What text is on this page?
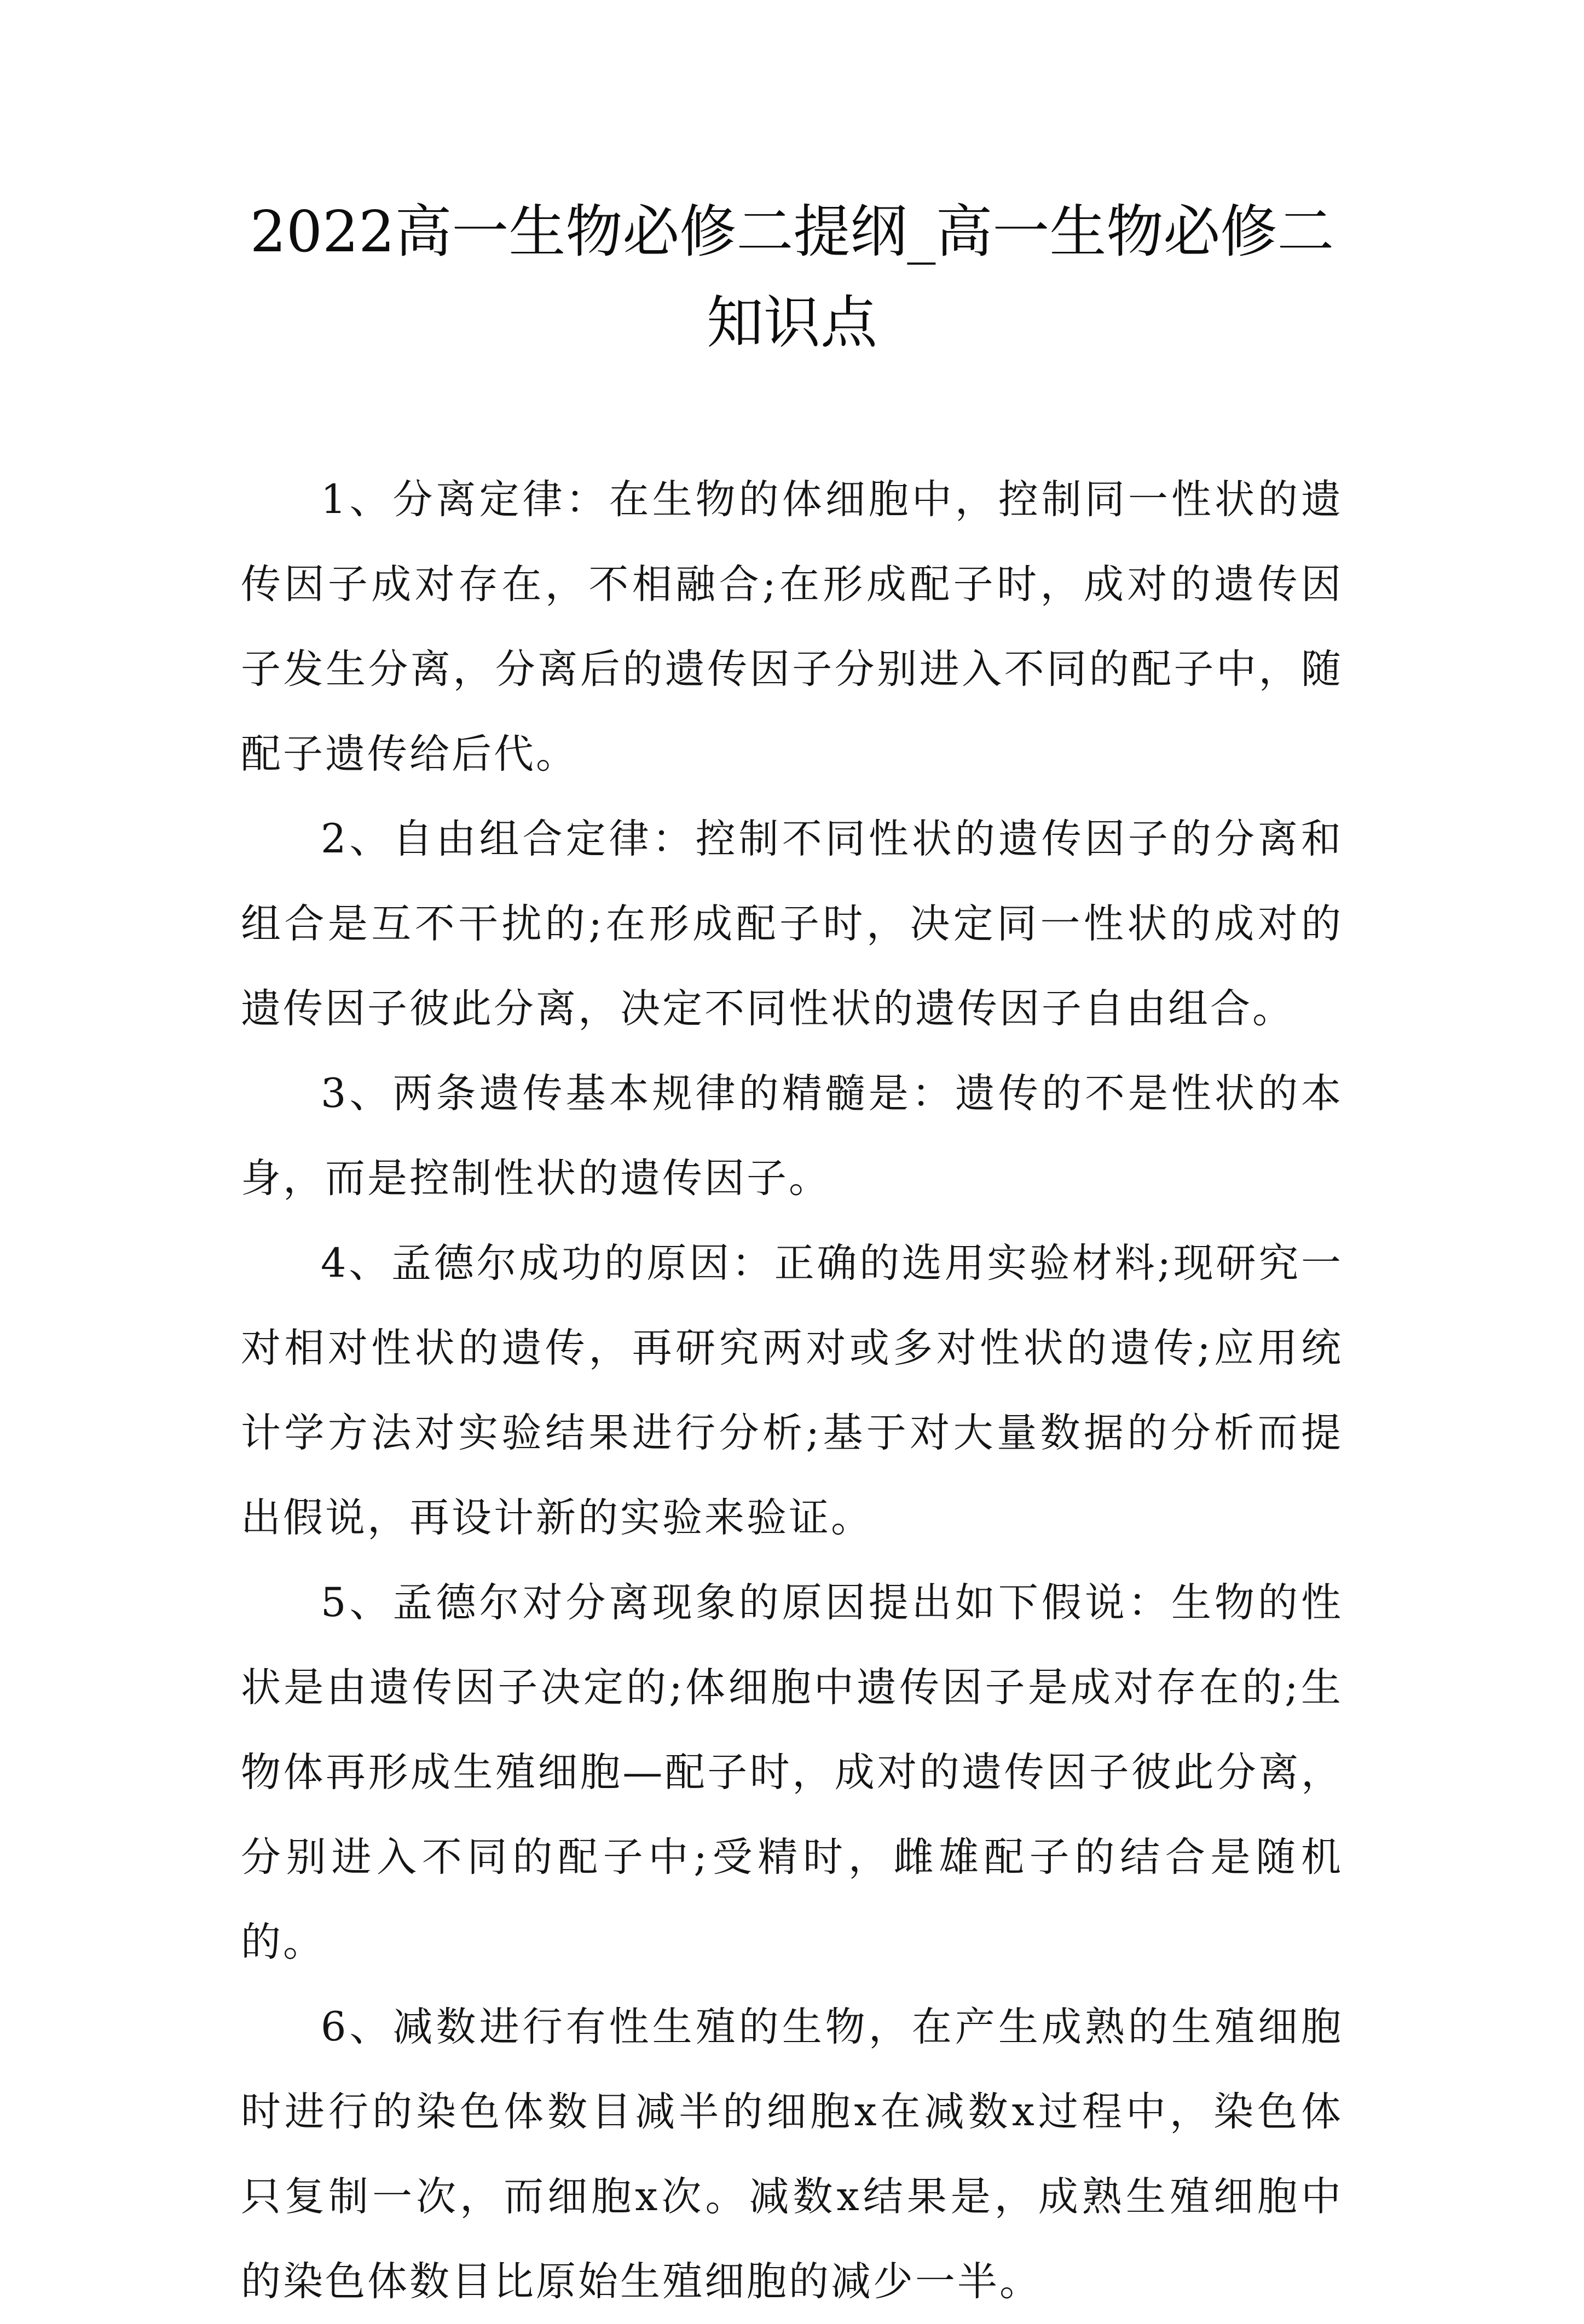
2022高一生物必修二提纲_高一生物必修二知识点

1、分离定律：在生物的体细胞中，控制同一性状的遗传因子成对存在，不相融合;在形成配子时，成对的遗传因子发生分离，分离后的遗传因子分别进入不同的配子中，随配子遗传给后代。

2、自由组合定律：控制不同性状的遗传因子的分离和组合是互不干扰的;在形成配子时，决定同一性状的成对的遗传因子彼此分离，决定不同性状的遗传因子自由组合。

3、两条遗传基本规律的精髓是：遗传的不是性状的本身，而是控制性状的遗传因子。

4、孟德尔成功的原因：正确的选用实验材料;现研究一对相对性状的遗传，再研究两对或多对性状的遗传;应用统计学方法对实验结果进行分析;基于对大量数据的分析而提出假说，再设计新的实验来验证。

5、孟德尔对分离现象的原因提出如下假说：生物的性状是由遗传因子决定的;体细胞中遗传因子是成对存在的;生物体再形成生殖细胞—配子时，成对的遗传因子彼此分离，分别进入不同的配子中;受精时，雌雄配子的结合是随机的。

6、减数进行有性生殖的生物，在产生成熟的生殖细胞时进行的染色体数目减半的细胞x在减数x过程中，染色体只复制一次，而细胞x次。减数x结果是，成熟生殖细胞中的染色体数目比原始生殖细胞的减少一半。
